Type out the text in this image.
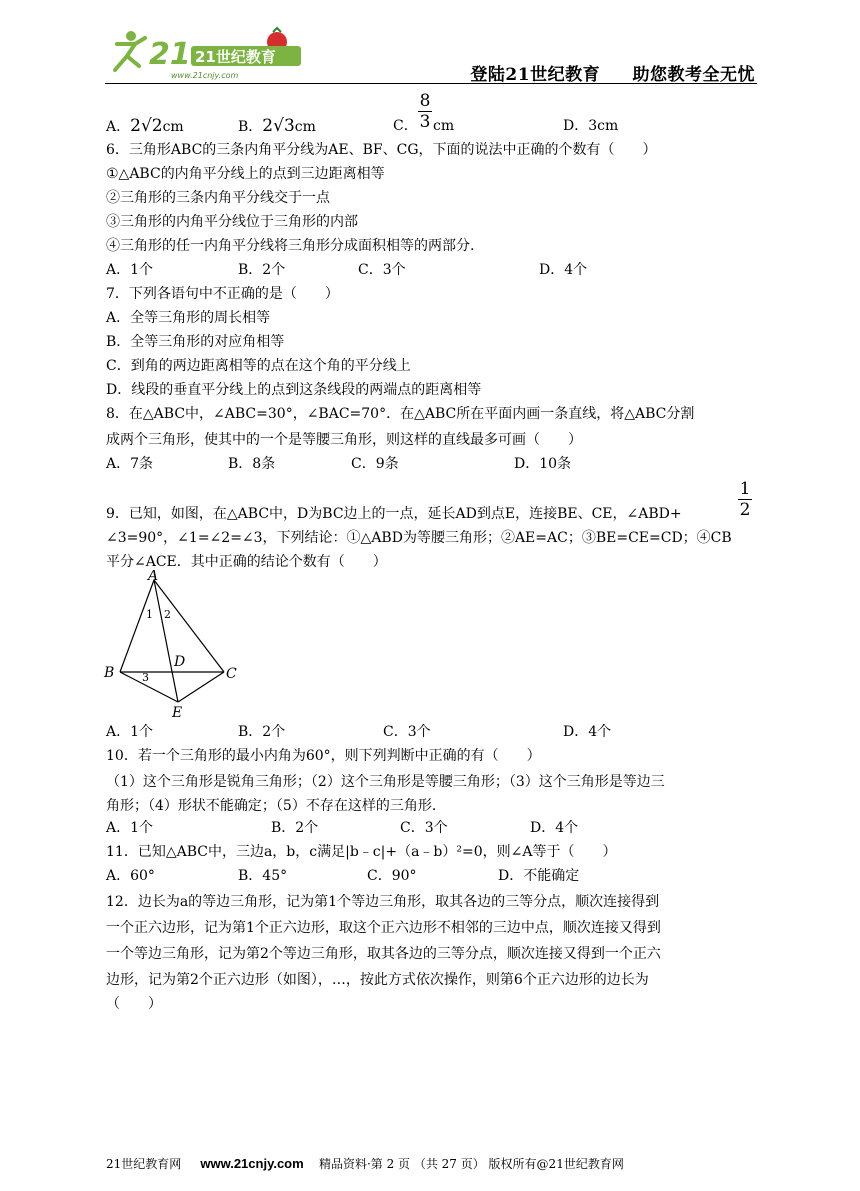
21 21世纪教育
www.21cnjy.com	登陆21世纪教育 助您教考全无忧
A．2√2cm	B．2√3cm	C．
8
3 cm	D．3cm
6．三角形ABC的三条内角平分线为AE、BF、CG，下面的说法中正确的个数有（　　）
①△ABC的内角平分线上的点到三边距离相等
②三角形的三条内角平分线交于一点
③三角形的内角平分线位于三角形的内部
④三角形的任一内角平分线将三角形分成面积相等的两部分.
A．1个	B．2个	C．3个	D．4个
7．下列各语句中不正确的是（　　）
A．全等三角形的周长相等
B．全等三角形的对应角相等
C．到角的两边距离相等的点在这个角的平分线上
D．线段的垂直平分线上的点到这条线段的两端点的距离相等
8．在△ABC中，∠ABC=30°，∠BAC=70°．在△ABC所在平面内画一条直线，将△ABC分割
成两个三角形，使其中的一个是等腰三角形，则这样的直线最多可画（　　）
A．7条	B．8条	C．9条	D．10条
9．已知，如图，在△ABC中，D为BC边上的一点，延长AD到点E，连接BE、CE，∠ABD+
1
2
∠3=90°，∠1=∠2=∠3，下列结论：①△ABD为等腰三角形；②AE=AC；③BE=CE=CD；④CB
平分∠ACE．其中正确的结论个数有（　　）
A
B	C
D
E
1 2
3
A．1个	B．2个	C．3个	D．4个
10．若一个三角形的最小内角为60°，则下列判断中正确的有（　　）
（1）这个三角形是锐角三角形；（2）这个三角形是等腰三角形；（3）这个三角形是等边三
角形；（4）形状不能确定；（5）不存在这样的三角形.
A．1个	B．2个	C．3个	D．4个
11．已知△ABC中，三边a，b，c满足|b﹣c|+（a﹣b）²=0，则∠A等于（　　）
A．60°	B．45°	C．90°	D．不能确定
12．边长为a的等边三角形，记为第1个等边三角形，取其各边的三等分点，顺次连接得到
一个正六边形，记为第1个正六边形，取这个正六边形不相邻的三边中点，顺次连接又得到
一个等边三角形，记为第2个等边三角形，取其各边的三等分点，顺次连接又得到一个正六
边形，记为第2个正六边形（如图），…，按此方式依次操作，则第6个正六边形的边长为
（　　）
21世纪教育网 www.21cnjy.com 精品资料·第 2 页 （共 27 页） 版权所有@21世纪教育网
